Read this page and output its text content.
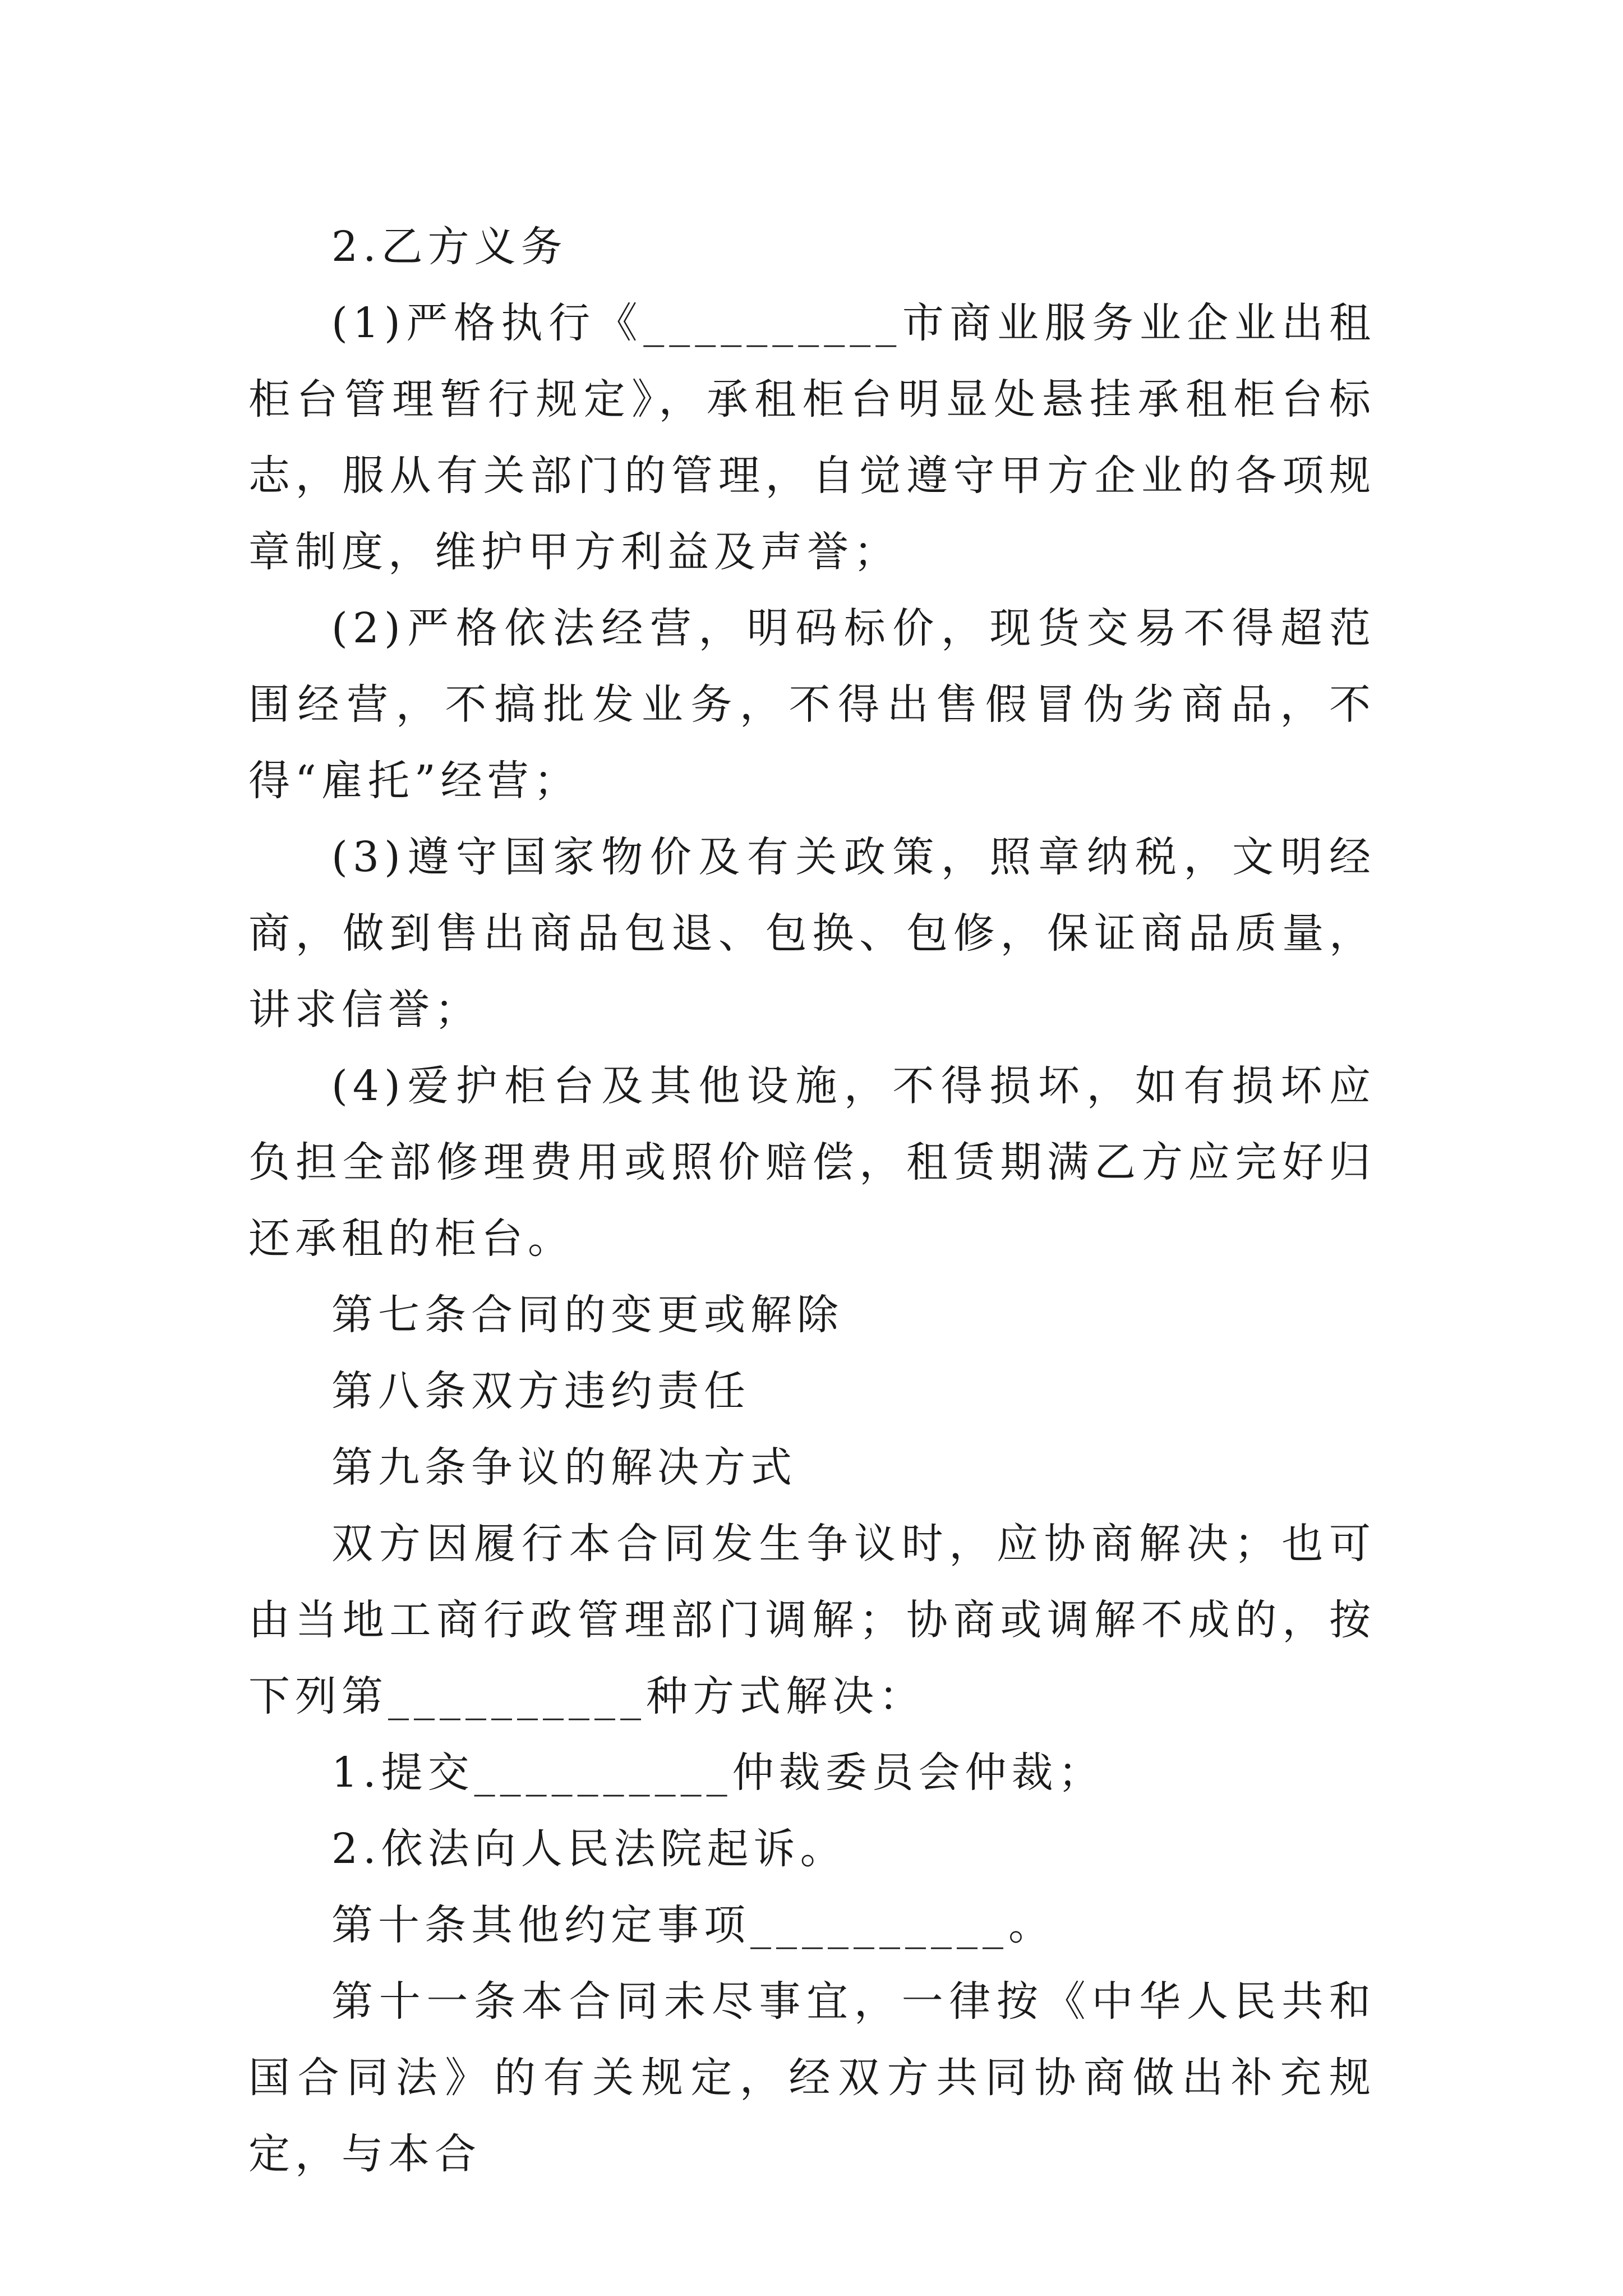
2.乙方义务

(1)严格执行《__________市商业服务业企业出租柜台管理暂行规定》，承租柜台明显处悬挂承租柜台标志，服从有关部门的管理，自觉遵守甲方企业的各项规章制度，维护甲方利益及声誉；

(2)严格依法经营，明码标价，现货交易不得超范围经营，不搞批发业务，不得出售假冒伪劣商品，不得“雇托”经营；

(3)遵守国家物价及有关政策，照章纳税，文明经商，做到售出商品包退、包换、包修，保证商品质量，讲求信誉；

(4)爱护柜台及其他设施，不得损坏，如有损坏应负担全部修理费用或照价赔偿，租赁期满乙方应完好归还承租的柜台。

第七条合同的变更或解除

第八条双方违约责任

第九条争议的解决方式

双方因履行本合同发生争议时，应协商解决；也可由当地工商行政管理部门调解；协商或调解不成的，按下列第__________种方式解决：

1.提交__________仲裁委员会仲裁；

2.依法向人民法院起诉。

第十条其他约定事项__________。

第十一条本合同未尽事宜，一律按《中华人民共和国合同法》的有关规定，经双方共同协商做出补充规定，与本合
